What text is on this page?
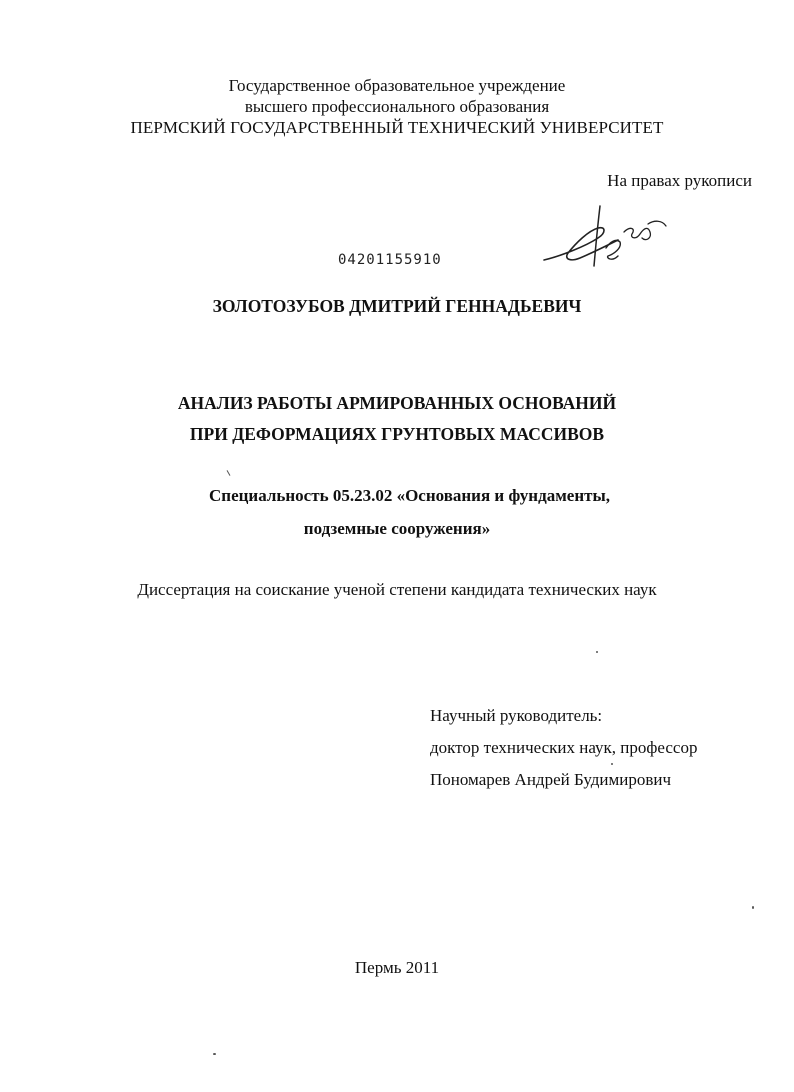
Государственное образовательное учреждение
высшего профессионального образования
ПЕРМСКИЙ ГОСУДАРСТВЕННЫЙ ТЕХНИЧЕСКИЙ УНИВЕРСИТЕТ
На правах рукописи
04201155910
ЗОЛОТОЗУБОВ ДМИТРИЙ ГЕННАДЬЕВИЧ
АНАЛИЗ РАБОТЫ АРМИРОВАННЫХ ОСНОВАНИЙ
ПРИ ДЕФОРМАЦИЯХ ГРУНТОВЫХ МАССИВОВ
Специальность 05.23.02 «Основания и фундаменты,
подземные сооружения»
Диссертация на соискание ученой степени кандидата технических наук
Научный руководитель:
доктор технических наук, профессор
Пономарев Андрей Будимирович
Пермь 2011
